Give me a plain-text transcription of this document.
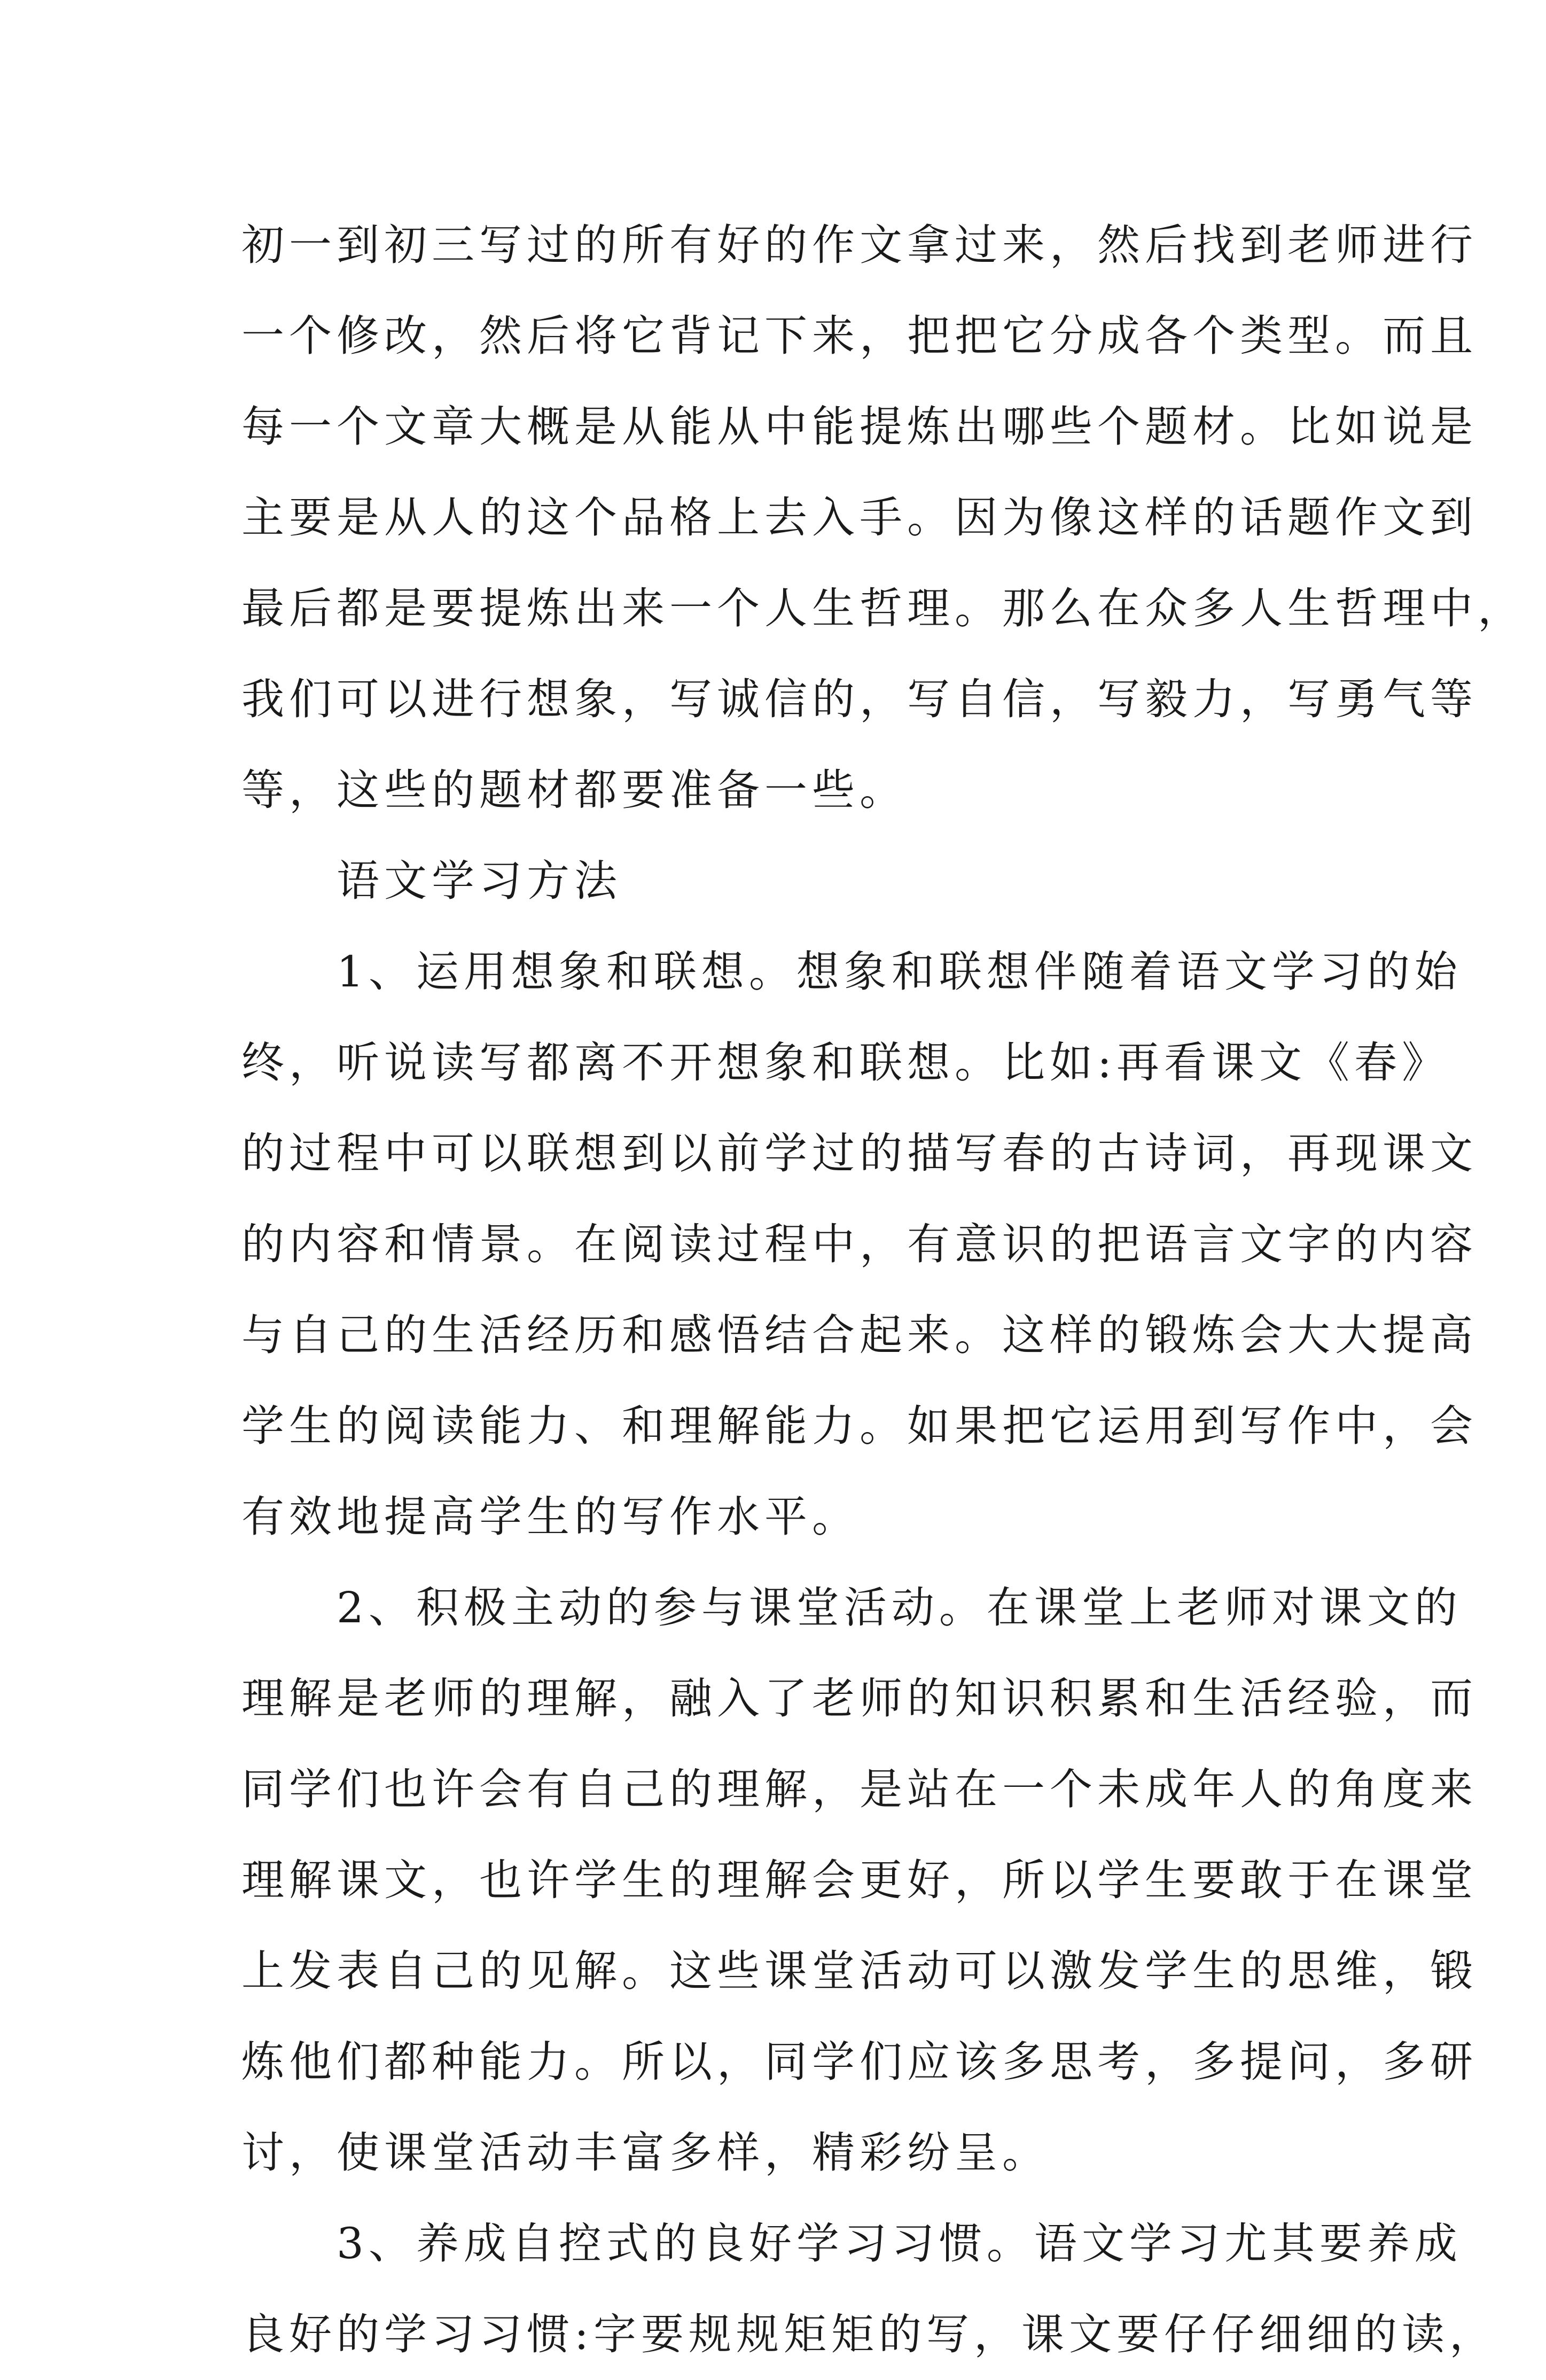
初一到初三写过的所有好的作文拿过来，然后找到老师进行
一个修改，然后将它背记下来，把把它分成各个类型。而且
每一个文章大概是从能从中能提炼出哪些个题材。比如说是
主要是从人的这个品格上去入手。因为像这样的话题作文到
最后都是要提炼出来一个人生哲理。那么在众多人生哲理中，
我们可以进行想象，写诚信的，写自信，写毅力，写勇气等
等，这些的题材都要准备一些。
　　语文学习方法
　　1、运用想象和联想。想象和联想伴随着语文学习的始
终，听说读写都离不开想象和联想。比如:再看课文《春》
的过程中可以联想到以前学过的描写春的古诗词，再现课文
的内容和情景。在阅读过程中，有意识的把语言文字的内容
与自己的生活经历和感悟结合起来。这样的锻炼会大大提高
学生的阅读能力、和理解能力。如果把它运用到写作中，会
有效地提高学生的写作水平。
　　2、积极主动的参与课堂活动。在课堂上老师对课文的
理解是老师的理解，融入了老师的知识积累和生活经验，而
同学们也许会有自己的理解，是站在一个未成年人的角度来
理解课文，也许学生的理解会更好，所以学生要敢于在课堂
上发表自己的见解。这些课堂活动可以激发学生的思维，锻
炼他们都种能力。所以，同学们应该多思考，多提问，多研
讨，使课堂活动丰富多样，精彩纷呈。
　　3、养成自控式的良好学习习惯。语文学习尤其要养成
良好的学习习惯:字要规规矩矩的写，课文要仔仔细细的读，
